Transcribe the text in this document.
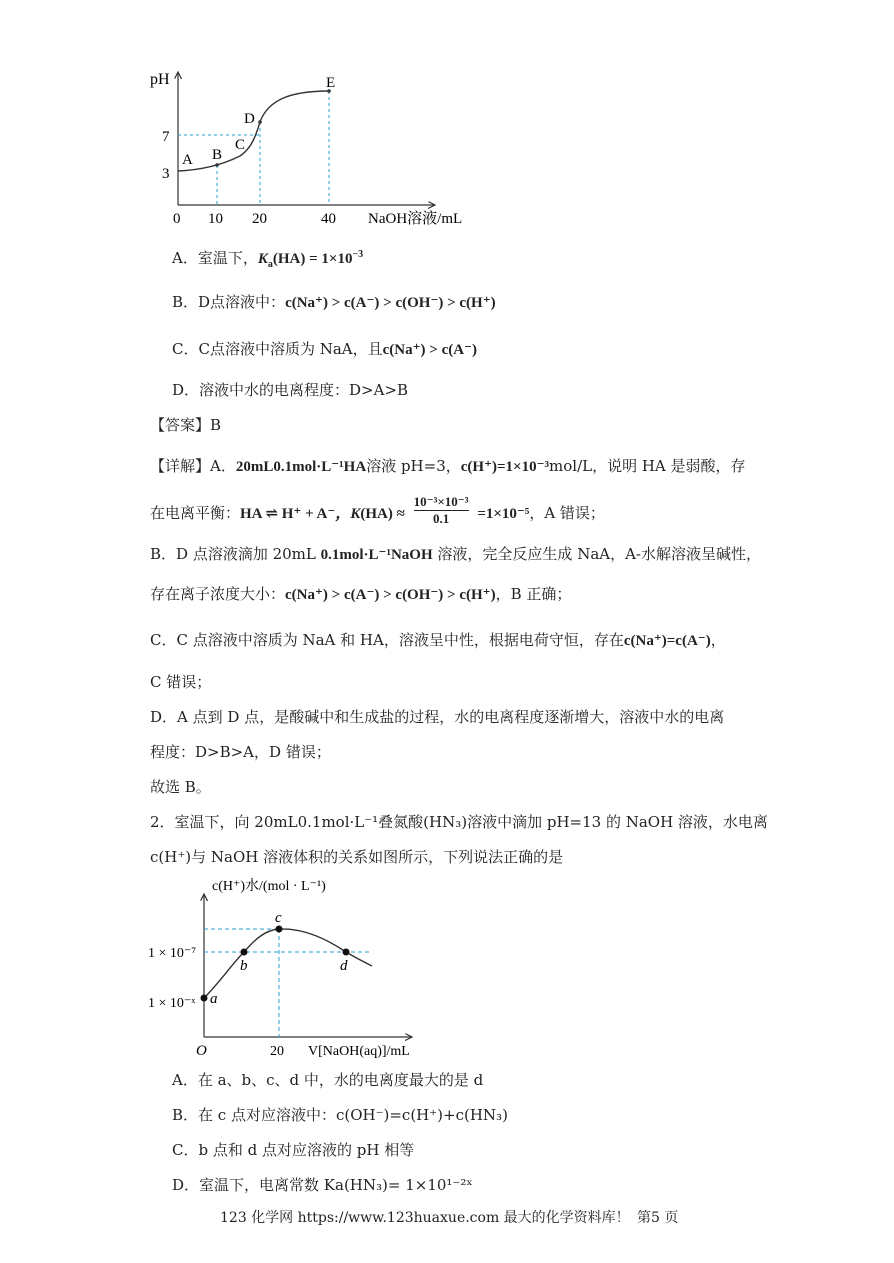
pH
NaOH溶液/mL
0 10 20	40
3
7
A B
C
D
E
A．室温下，$K_a(HA) = 1\times 10^{-3}$
B．D点溶液中：c(Na⁺) > c(A⁻) > c(OH⁻) > c(H⁺)
C．C点溶液中溶质为 NaA，且c(Na⁺) > c(A⁻)
D．溶液中水的电离程度：D>A>B
【答案】B
【详解】A．20mL0.1mol·L⁻¹HA溶液 pH=3，c(H⁺)=1×10⁻³mol/L，说明 HA 是弱酸，存
在电离平衡：HA ⇌ H⁺ + A⁻，$K(HA) \approx \frac{\text{10⁻³×10⁻³}}{0.1} =1\times 10^{-5}$，A 错误；
B．D 点溶液滴加 20mL 0.1mol·L⁻¹NaOH 溶液，完全反应生成 NaA，A-水解溶液呈碱性，
存在离子浓度大小：c(Na⁺) > c(A⁻) > c(OH⁻) > c(H⁺)，B 正确；
C．C 点溶液中溶质为 NaA 和 HA，溶液呈中性，根据电荷守恒，存在c(Na⁺)=c(A⁻)，
C 错误；
D．A 点到 D 点，是酸碱中和生成盐的过程，水的电离程度逐渐增大，溶液中水的电离
程度：D>B>A，D 错误；
故选 B。
2．室温下，向 20mL0.1mol·L⁻¹叠氮酸(HN₃)溶液中滴加 pH=13 的 NaOH 溶液，水电离
c(H⁺)与 NaOH 溶液体积的关系如图所示，下列说法正确的是
c(H⁺)水/(mol · L⁻¹)
V[NaOH(aq)]/mL
O	20
1 × 10⁻⁷
1 × 10⁻ˣ a
b
c
d
A．在 a、b、c、d 中，水的电离度最大的是 d
B．在 c 点对应溶液中：c(OH⁻)=c(H⁺)+c(HN₃)
C．b 点和 d 点对应溶液的 pH 相等
D．室温下，电离常数 Ka(HN₃)= 1×10¹⁻²ˣ
123 化学网 https://www.123huaxue.com 最大的化学资料库！ 第5 页
